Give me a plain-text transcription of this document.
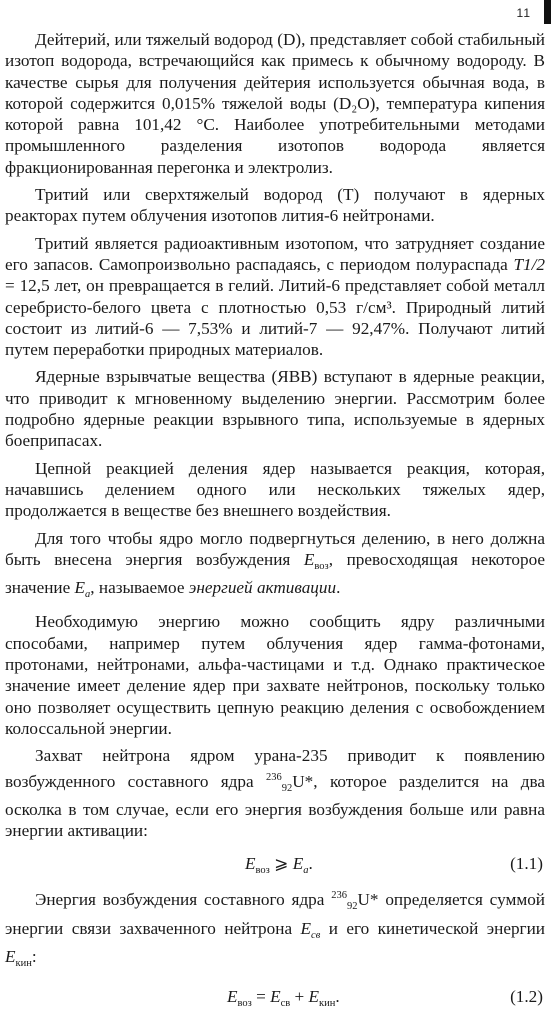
11

Дейтерий, или тяжелый водород (D), представляет собой стабильный изотоп водорода, встречающийся как примесь к обычному водороду. В качестве сырья для получения дейтерия используется обычная вода, в которой содержится 0,015% тяжелой воды (D₂O), температура кипения которой равна 101,42 °С. Наиболее употребительными методами промышленного разделения изотопов водорода является фракционированная перегонка и электролиз.

Тритий или сверхтяжелый водород (Т) получают в ядерных реакторах путем облучения изотопов лития-6 нейтронами.

Тритий является радиоактивным изотопом, что затрудняет создание его запасов. Самопроизвольно распадаясь, с периодом полураспада Т1/2 = 12,5 лет, он превращается в гелий. Литий-6 представляет собой металл серебристо-белого цвета с плотностью 0,53 г/см³. Природный литий состоит из литий-6 — 7,53% и литий-7 — 92,47%. Получают литий путем переработки природных материалов.

Ядерные взрывчатые вещества (ЯВВ) вступают в ядерные реакции, что приводит к мгновенному выделению энергии. Рассмотрим более подробно ядерные реакции взрывного типа, используемые в ядерных боеприпасах.

Цепной реакцией деления ядер называется реакция, которая, начавшись делением одного или нескольких тяжелых ядер, продолжается в веществе без внешнего воздействия.

Для того чтобы ядро могло подвергнуться делению, в него должна быть внесена энергия возбуждения $E_{воз}$, превосходящая некоторое значение $E_а$, называемое энергией активации.

Необходимую энергию можно сообщить ядру различными способами, например путем облучения ядер гамма-фотонами, протонами, нейтронами, альфа-частицами и т.д. Однако практическое значение имеет деление ядер при захвате нейтронов, поскольку только оно позволяет осуществить цепную реакцию деления с освобождением колоссальной энергии.

Захват нейтрона ядром урана-235 приводит к появлению возбужденного составного ядра $^{236}_{92}$U*, которое разделится на два осколка в том случае, если его энергия возбуждения больше или равна энергии активации:

$E_{воз}$ ⩾ $E_а$.	(1.1)

Энергия возбуждения составного ядра $^{236}_{92}$U* определяется суммой энергии связи захваченного нейтрона $E_{св}$ и его кинетической энергии $E_{кин}$:

$E_{воз} = E_{св} + E_{кин}$.	(1.2)
